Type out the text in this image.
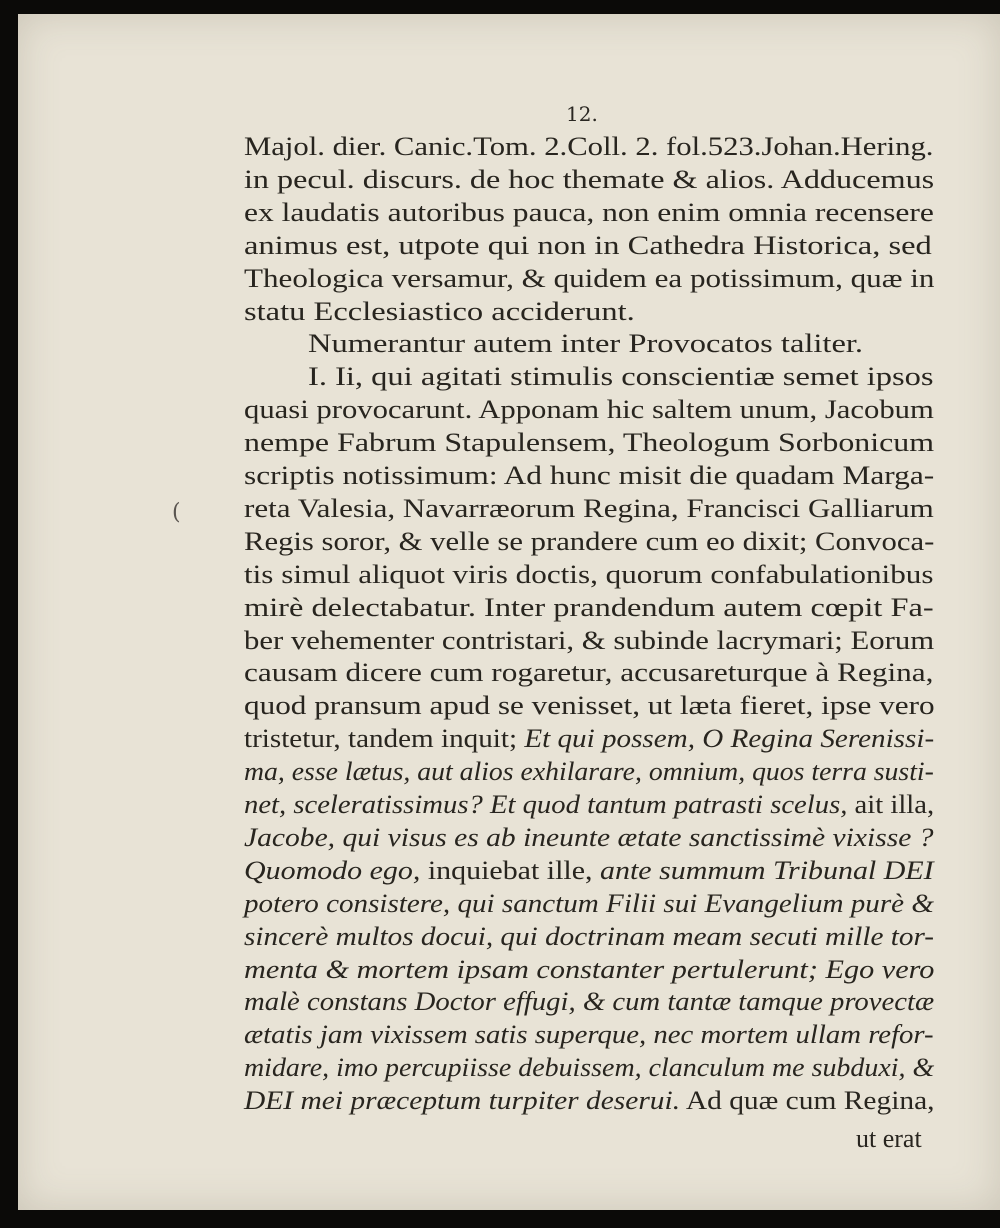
12.
Majol. dier. Canic.Tom. 2.Coll. 2. fol.523.Johan.Hering.
in pecul. discurs. de hoc themate & alios. Adducemus
ex laudatis autoribus pauca, non enim omnia recensere
animus est, utpote qui non in Cathedra Historica, sed
Theologica versamur, & quidem ea potissimum, quæ in
statu Ecclesiastico acciderunt.
Numerantur autem inter Provocatos taliter.
I. Ii, qui agitati stimulis conscientiæ semet ipsos
quasi provocarunt. Apponam hic saltem unum, Jacobum
nempe Fabrum Stapulensem, Theologum Sorbonicum
scriptis notissimum: Ad hunc misit die quadam Marga-
reta Valesia, Navarræorum Regina, Francisci Galliarum
Regis soror, & velle se prandere cum eo dixit; Convoca-
tis simul aliquot viris doctis, quorum confabulationibus
mirè delectabatur. Inter prandendum autem cœpit Fa-
ber vehementer contristari, & subinde lacrymari; Eorum
causam dicere cum rogaretur, accusareturque à Regina,
quod pransum apud se venisset, ut læta fieret, ipse vero
tristetur, tandem inquit; Et qui possem, O Regina Serenissi-
ma, esse lætus, aut alios exhilarare, omnium, quos terra susti-
net, sceleratissimus? Et quod tantum patrasti scelus, ait illa,
Jacobe, qui visus es ab ineunte ætate sanctissimè vixisse ?
Quomodo ego, inquiebat ille, ante summum Tribunal DEI
potero consistere, qui sanctum Filii sui Evangelium purè &
sincerè multos docui, qui doctrinam meam secuti mille tor-
menta & mortem ipsam constanter pertulerunt; Ego vero
malè constans Doctor effugi, & cum tantæ tamque provectæ
ætatis jam vixissem satis superque, nec mortem ullam refor-
midare, imo percupiisse debuissem, clanculum me subduxi, &
DEI mei præceptum turpiter deserui. Ad quæ cum Regina,
(
ut erat
